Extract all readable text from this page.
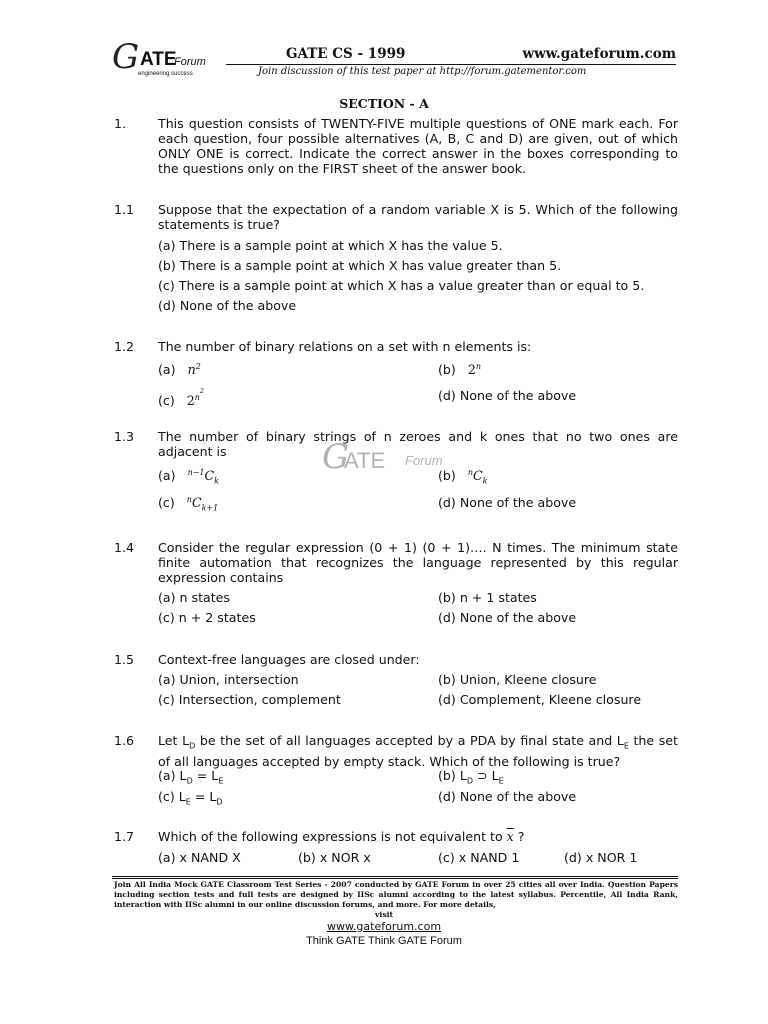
G ATE
Forum
engineering success
GATE CS - 1999	www.gateforum.com
Join discussion of this test paper at http://forum.gatementor.com
SECTION - A
1.	This question consists of TWENTY-FIVE multiple questions of ONE mark each. For each question, four possible alternatives (A, B, C and D) are given, out of which ONLY ONE is correct. Indicate the correct answer in the boxes corresponding to the questions only on the FIRST sheet of the answer book.
1.1 Suppose that the expectation of a random variable X is 5. Which of the following statements is true?
(a) There is a sample point at which X has the value 5.
(b) There is a sample point at which X has value greater than 5.
(c) There is a sample point at which X has a value greater than or equal to 5.
(d) None of the above
1.2 The number of binary relations on a set with n elements is:
(a) $n^2$	(b) 2$^n$
(c) $2^{n2}$	(d) None of the above
1.3 The number of binary strings of n zeroes and k ones that no two ones are adjacent is
(a) $^{n-1}C_k$	(b) $^nC_k$
(c) $^nC_{k+1}$	(d) None of the above
G
ATE Forum
1.4 Consider the regular expression (0 + 1) (0 + 1)…. N times. The minimum state finite automation that recognizes the language represented by this regular expression contains
(a) n states	(b) n + 1 states
(c) n + 2 states	(d) None of the above
1.5 Context-free languages are closed under:
(a) Union, intersection	(b) Union, Kleene closure
(c) Intersection, complement	(d) Complement, Kleene closure
1.6 Let $L_D$ be the set of all languages accepted by a PDA by final state and $L_E$ the set of all languages accepted by empty stack. Which of the following is true?
(a) $L_D = L_E$	(b) $L_D$ ⊃ $L_E$
(c) $L_E = L_D$	(d) None of the above
1.7 Which of the following expressions is not equivalent to $\overline{x}$ ?
(a) x NAND X	(b) x NOR x	(c) x NAND 1	(d) x NOR 1
Join All India Mock GATE Classroom Test Series - 2007 conducted by GATE Forum in over 25 cities all over India. Question Papers including section tests and full tests are designed by IISc alumni according to the latest syllabus. Percentile, All India Rank, interaction with IISc alumni in our online discussion forums, and more. For more details,
visit
www.gateforum.com
Think GATE Think GATE Forum
